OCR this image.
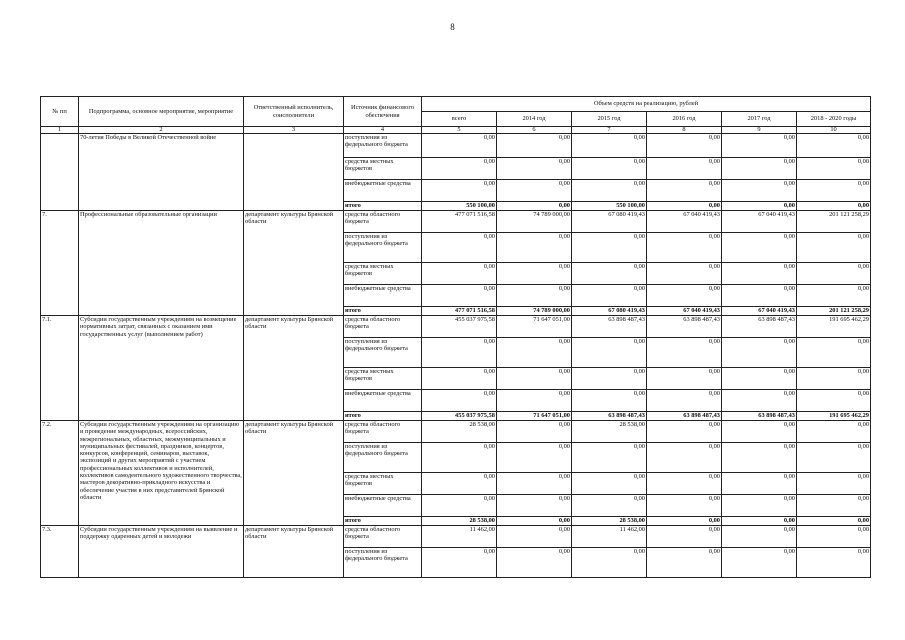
8
№ пп	Подпрограмма, основное мероприятие, мероприятие	Ответственный исполнитель, соисполнители	Источник финансового обеспечения	Объем средств на реализацию, рублей					
				всего	2014 год	2015 год	2016 год	2017 год	2018 - 2020 годы
1	2	3	4	5	6	7	8	9	10
	70-летия Победы в Великой Отечественной войне		поступления из федерального бюджета	0,00	0,00	0,00	0,00	0,00	0,00
			средства местных бюджетов	0,00	0,00	0,00	0,00	0,00	0,00
			внебюджетные средства	0,00	0,00	0,00	0,00	0,00	0,00
			итого	550 100,00	0,00	550 100,00	0,00	0,00	0,00
7.	Профессиональные образовательные организации	департамент культуры Брянской области	средства областного бюджета	477 071 516,58	74 789 000,00	67 080 419,43	67 040 419,43	67 040 419,43	201 121 258,29
			поступления из федерального бюджета	0,00	0,00	0,00	0,00	0,00	0,00
			средства местных бюджетов	0,00	0,00	0,00	0,00	0,00	0,00
			внебюджетные средства	0,00	0,00	0,00	0,00	0,00	0,00
			итого	477 071 516,58	74 789 000,00	67 080 419,43	67 040 419,43	67 040 419,43	201 121 258,29
7.1.	Субсидии государственным учреждениям на возмещение нормативных затрат, связанных с оказанием ими государственных услуг (выполнением работ)	департамент культуры Брянской области	средства областного бюджета	455 037 975,58	71 647 051,00	63 898 487,43	63 898 487,43	63 898 487,43	191 695 462,29
			поступления из федерального бюджета	0,00	0,00	0,00	0,00	0,00	0,00
			средства местных бюджетов	0,00	0,00	0,00	0,00	0,00	0,00
			внебюджетные средства	0,00	0,00	0,00	0,00	0,00	0,00
			итого	455 037 975,58	71 647 051,00	63 898 487,43	63 898 487,43	63 898 487,43	191 695 462,29
7.2.	Субсидии государственным учреждениям на организацию и проведение международных, всероссийских, межрегиональных, областных, межмуниципальных и муниципальных фестивалей, праздников, концертов, конкурсов, конференций, семинаров, выставок, экспозиций и других мероприятий с участием профессиональных коллективов и исполнителей, коллективов самодеятельного художественного творчества, мастеров декоративно-прикладного искусства и обеспечение участия в них представителей Брянской области	департамент культуры Брянской области	средства областного бюджета	28 538,00	0,00	28 538,00	0,00	0,00	0,00
			поступления из федерального бюджета	0,00	0,00	0,00	0,00	0,00	0,00
			средства местных бюджетов	0,00	0,00	0,00	0,00	0,00	0,00
			внебюджетные средства	0,00	0,00	0,00	0,00	0,00	0,00
			итого	28 538,00	0,00	28 538,00	0,00	0,00	0,00
7.3.	Субсидии государственным учреждениям на выявление и поддержку одаренных детей и молодежи	департамент культуры Брянской области	средства областного бюджета	11 462,00	0,00	11 462,00	0,00	0,00	0,00
			поступления из федерального бюджета	0,00	0,00	0,00	0,00	0,00	0,00
